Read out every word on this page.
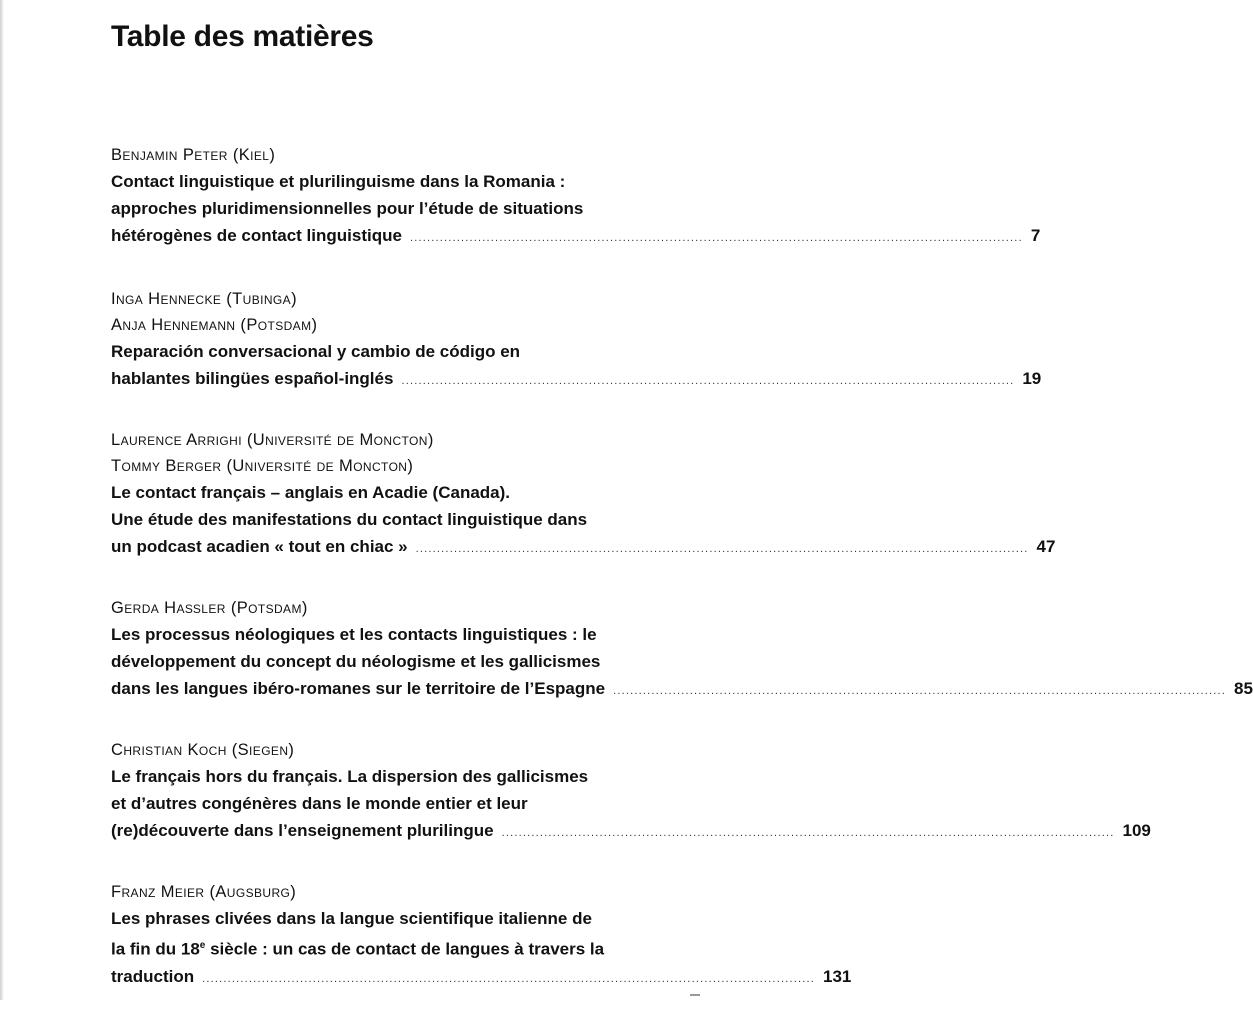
Table des matières
Benjamin Peter (Kiel)
Contact linguistique et plurilinguisme dans la Romania :
approches pluridimensionnelles pour l’étude de situations
hétérogènes de contact linguistique ................................................................................................................................................ 7
Inga Hennecke (Tubinga)
Anja Hennemann (Potsdam)
Reparación conversacional y cambio de código en
hablantes bilingües español-inglés ................................................................................................................................................ 19
Laurence Arrighi (Université de Moncton)
Tommy Berger (Université de Moncton)
Le contact français – anglais en Acadie (Canada).
Une étude des manifestations du contact linguistique dans
un podcast acadien « tout en chiac » ................................................................................................................................................ 47
Gerda Haßler (Potsdam)
Les processus néologiques et les contacts linguistiques : le
développement du concept du néologisme et les gallicismes
dans les langues ibéro-romanes sur le territoire de l’Espagne ................................................................................................................................................ 85
Christian Koch (Siegen)
Le français hors du français. La dispersion des gallicismes
et d’autres congénères dans le monde entier et leur
(re)découverte dans l’enseignement plurilingue ................................................................................................................................................ 109
Franz Meier (Augsburg)
Les phrases clivées dans la langue scientifique italienne de
la fin du 18e siècle : un cas de contact de langues à travers la
traduction ................................................................................................................................................ 131
